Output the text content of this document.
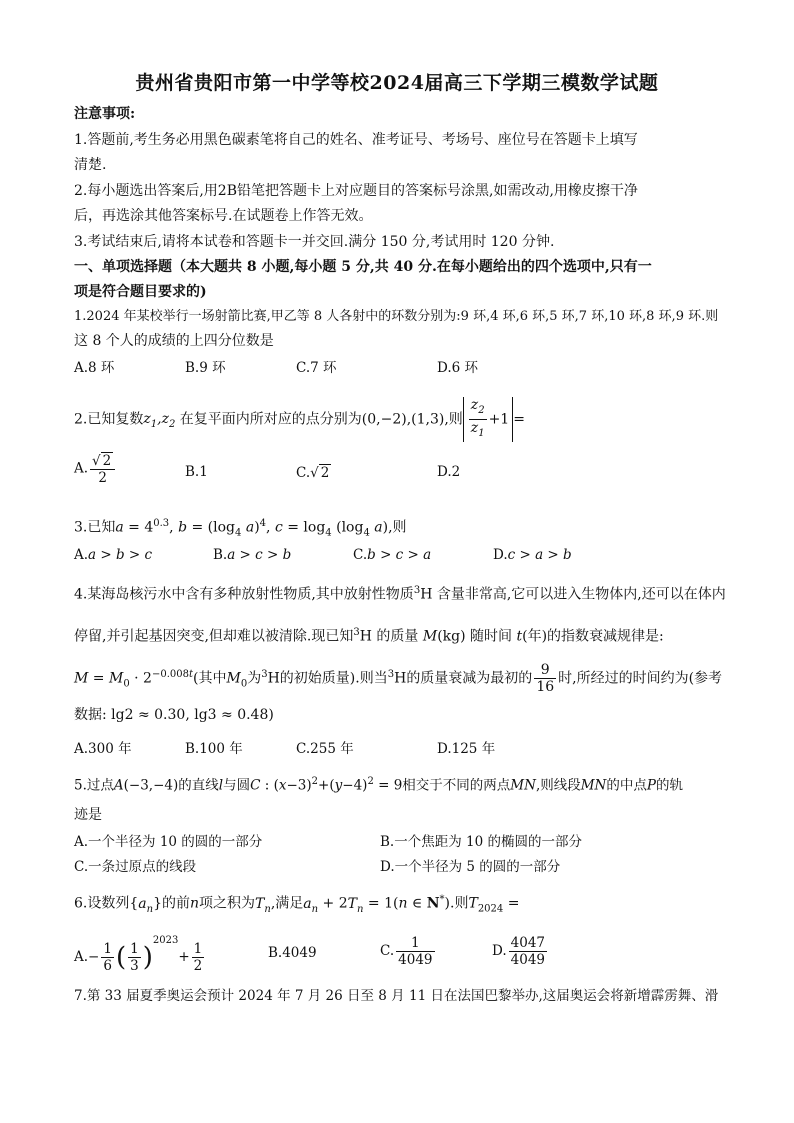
贵州省贵阳市第一中学等校2024届高三下学期三模数学试题
注意事项:
1.答题前,考生务必用黑色碳素笔将自己的姓名、准考证号、考场号、座位号在答题卡上填写
清楚.
2.每小题选出答案后,用2B铅笔把答题卡上对应题目的答案标号涂黑,如需改动,用橡皮擦干净
后，再选涂其他答案标号.在试题卷上作答无效。
3.考试结束后,请将本试卷和答题卡一并交回.满分 150 分,考试用时 120 分钟.
一、单项选择题（本大题共 8 小题,每小题 5 分,共 40 分.在每小题给出的四个选项中,只有一
项是符合题目要求的)
1.2024 年某校举行一场射箭比赛,甲乙等 8 人各射中的环数分别为:9 环,4 环,6 环,5 环,7 环,10 环,8 环,9 环.则
这 8 个人的成绩的上四分位数是
A.8 环	B.9 环	C.7 环	D.6 环
2.已知复数$z_1,z_2$ 在复平面内所对应的点分别为(0,−2),(1,3),则 $\frac{z_2}{z_1} +1$ =
A. $\frac{√ 2}{2}$	B.1	C.√ 2	D.2
3.已知$a = 4^{0.3}$, $b = (\log_4$ a)$^4$, $c = \log_4 (\log_4$ a),则
A.a > b > c	B.a > c > b	C.b > c > a	D.c > a > b
4.某海岛核污水中含有多种放射性物质,其中放射性物质$^3$H 含量非常高,它可以进入生物体内,还可以在体内
停留,并引起基因突变,但却难以被清除.现已知$^3$H 的质量 M(kg) 随时间 t(年)的指数衰减规律是:
$M = M_0 \cdot 2^{-0.008t}$(其中$M_0$为$^3$H的初始质量).则当$^3$H的质量衰减为最初的 $\frac{9}{16}$ 时,所经过的时间约为(参考
数据: lg2 ≈ 0.30, lg3 ≈ 0.48)
A.300 年	B.100 年	C.255 年	D.125 年
5.过点A(−3,−4)的直线l与圆C : $(x-3)^2+(y-4)^2 = 9$相交于不同的两点MN,则线段MN的中点P的轨
迹是
A.一个半径为 10 的圆的一部分	B.一个焦距为 10 的椭圆的一部分
C.一条过原点的线段	D.一个半径为 5 的圆的一部分
6.设数列$\{a_n\}$的前n项之积为$T_n$,满足$a_n + 2T_n = 1(n$ ∈ N*).则$T_{2024}$ =
$A.- \frac{1}{6}$ ( $\frac{1}{3} )^{2023}+ \frac{1}{2}$	B.4049	C. $\frac{1}{4049}$	D. $\frac{4047}{4049}$
7.第 33 届夏季奥运会预计 2024 年 7 月 26 日至 8 月 11 日在法国巴黎举办,这届奥运会将新增霹雳舞、滑
